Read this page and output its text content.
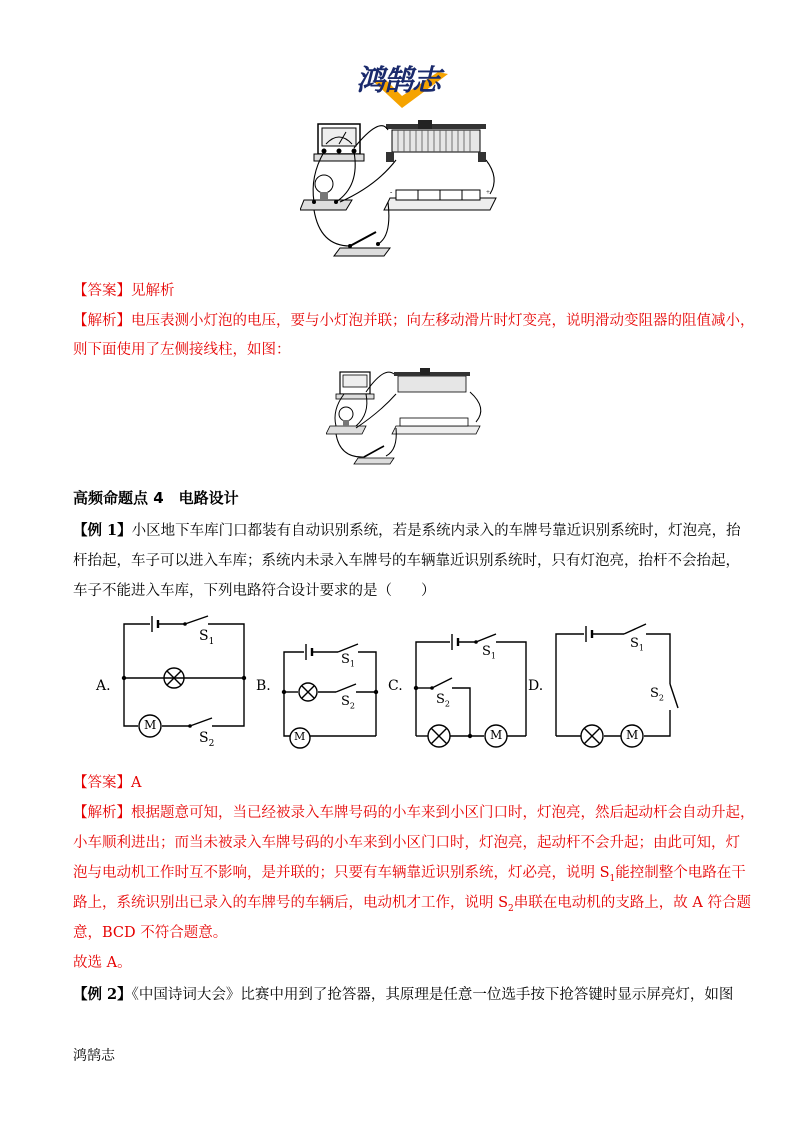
鸿鹄志
-	+
【答案】见解析
【解析】电压表测小灯泡的电压，要与小灯泡并联；向左移动滑片时灯变亮，说明滑动变阻器的阻值减小，
则下面使用了左侧接线柱，如图：
高频命题点 4　电路设计
【例 1】小区地下车库门口都装有自动识别系统，若是系统内录入的车牌号靠近识别系统时，灯泡亮，抬
杆抬起，车子可以进入车库；系统内未录入车牌号的车辆靠近识别系统时，只有灯泡亮，抬杆不会抬起，
车子不能进入车库，下列电路符合设计要求的是（　　）
A.	B.	C.	D.
$S_1$
$S_2$
$S_1$
$S_2$
$S_1$
$S_2$
$S_1$
$S_2$
M
M	M	M
【答案】A
【解析】根据题意可知，当已经被录入车牌号码的小车来到小区门口时，灯泡亮，然后起动杆会自动升起，
小车顺利进出；而当未被录入车牌号码的小车来到小区门口时，灯泡亮，起动杆不会升起；由此可知，灯
泡与电动机工作时互不影响，是并联的；只要有车辆靠近识别系统，灯必亮，说明 $S_1$能控制整个电路在干
路上，系统识别出已录入的车牌号的车辆后，电动机才工作，说明 $S_2$串联在电动机的支路上，故 A 符合题
意，BCD 不符合题意。
故选 A。
【例 2】《中国诗词大会》比赛中用到了抢答器，其原理是任意一位选手按下抢答键时显示屏亮灯，如图
鸿鹄志
